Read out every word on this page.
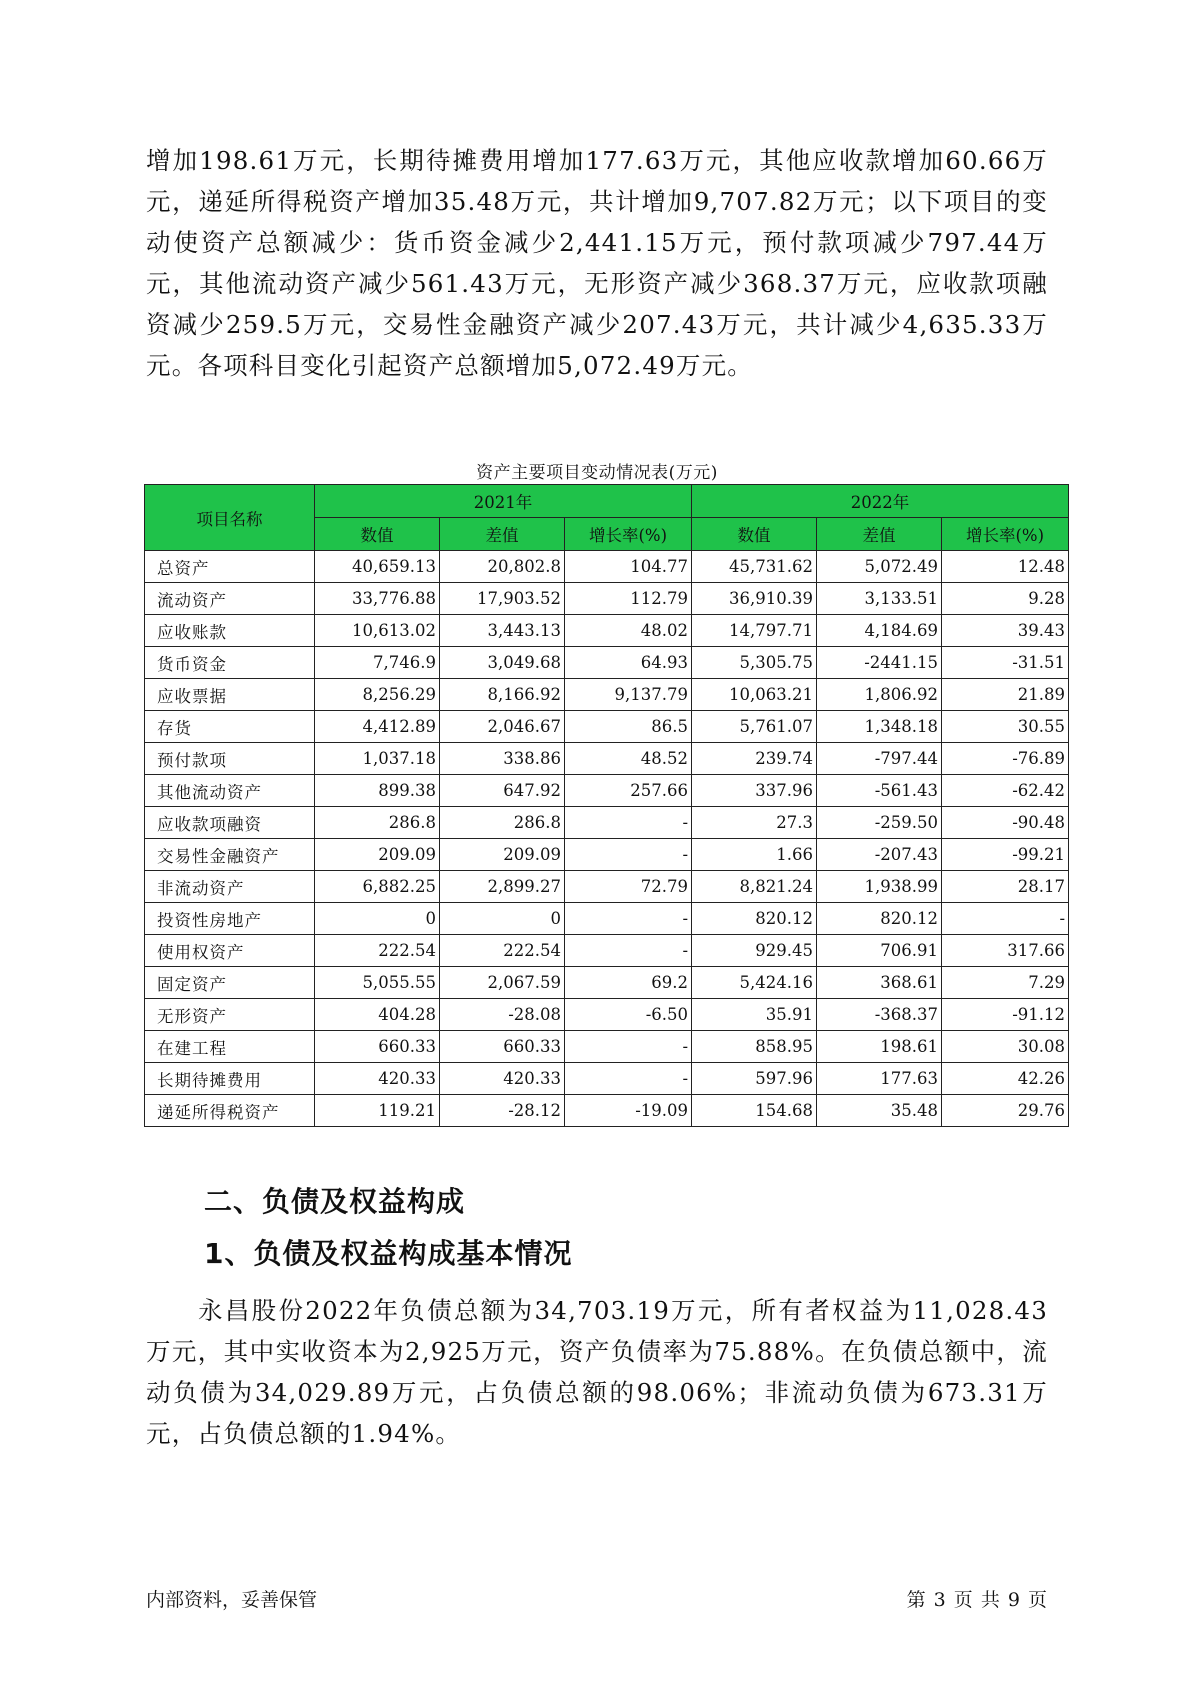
增加198.61万元，长期待摊费用增加177.63万元，其他应收款增加60.66万元，递延所得税资产增加35.48万元，共计增加9,707.82万元；以下项目的变动使资产总额减少：货币资金减少2,441.15万元，预付款项减少797.44万元，其他流动资产减少561.43万元，无形资产减少368.37万元，应收款项融资减少259.5万元，交易性金融资产减少207.43万元，共计减少4,635.33万元。各项科目变化引起资产总额增加5,072.49万元。

资产主要项目变动情况表(万元)
项目名称	2021年			2022年		
	数值	差值	增长率(%)	数值	差值	增长率(%)
总资产	40,659.13	20,802.8	104.77	45,731.62	5,072.49	12.48
流动资产	33,776.88	17,903.52	112.79	36,910.39	3,133.51	9.28
应收账款	10,613.02	3,443.13	48.02	14,797.71	4,184.69	39.43
货币资金	7,746.9	3,049.68	64.93	5,305.75	-2441.15	-31.51
应收票据	8,256.29	8,166.92	9,137.79	10,063.21	1,806.92	21.89
存货	4,412.89	2,046.67	86.5	5,761.07	1,348.18	30.55
预付款项	1,037.18	338.86	48.52	239.74	-797.44	-76.89
其他流动资产	899.38	647.92	257.66	337.96	-561.43	-62.42
应收款项融资	286.8	286.8	-	27.3	-259.50	-90.48
交易性金融资产	209.09	209.09	-	1.66	-207.43	-99.21
非流动资产	6,882.25	2,899.27	72.79	8,821.24	1,938.99	28.17
投资性房地产	0	0	-	820.12	820.12	-
使用权资产	222.54	222.54	-	929.45	706.91	317.66
固定资产	5,055.55	2,067.59	69.2	5,424.16	368.61	7.29
无形资产	404.28	-28.08	-6.50	35.91	-368.37	-91.12
在建工程	660.33	660.33	-	858.95	198.61	30.08
长期待摊费用	420.33	420.33	-	597.96	177.63	42.26
递延所得税资产	119.21	-28.12	-19.09	154.68	35.48	29.76
二、负债及权益构成
1、负债及权益构成基本情况

永昌股份2022年负债总额为34,703.19万元，所有者权益为11,028.43万元，其中实收资本为2,925万元，资产负债率为75.88%。在负债总额中，流动负债为34,029.89万元，占负债总额的98.06%；非流动负债为673.31万元，占负债总额的1.94%。

内部资料，妥善保管	第 3 页 共 9 页
